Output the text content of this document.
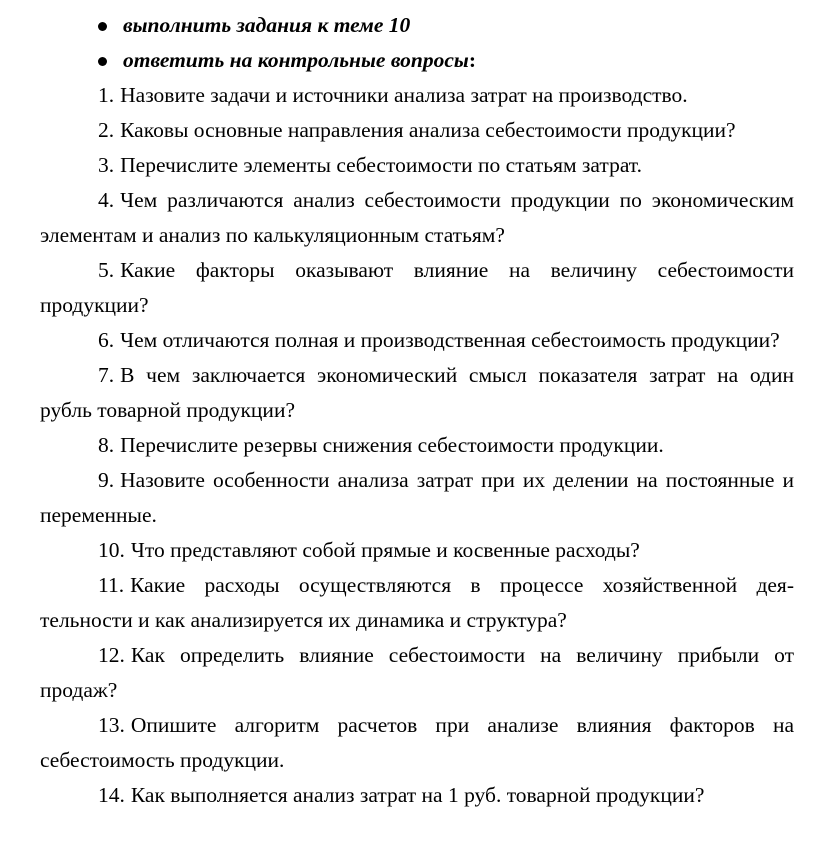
выполнить задания к теме 10
ответить на контрольные вопросы:

1. Назовите задачи и источники анализа затрат на производство.

2. Каковы основные направления анализа себестоимости продукции?

3. Перечислите элементы себестоимости по статьям затрат.

4. Чем различаются анализ себестоимости продукции по экономическим элементам и анализ по калькуляционным статьям?

5. Какие факторы оказывают влияние на величину себестоимости продукции?

6. Чем отличаются полная и производственная себестоимость продукции?

7. В чем заключается экономический смысл показателя затрат на один рубль товарной продукции?

8. Перечислите резервы снижения себестоимости продукции.

9. Назовите особенности анализа затрат при их делении на постоянные и переменные.

10. Что представляют собой прямые и косвенные расходы?

11. Какие расходы осуществляются в процессе хозяйственной деятельности и как анализируется их динамика и структура?

12. Как определить влияние себестоимости на величину прибыли от продаж?

13. Опишите алгоритм расчетов при анализе влияния факторов на себестоимость продукции.

14. Как выполняется анализ затрат на 1 руб. товарной продукции?
